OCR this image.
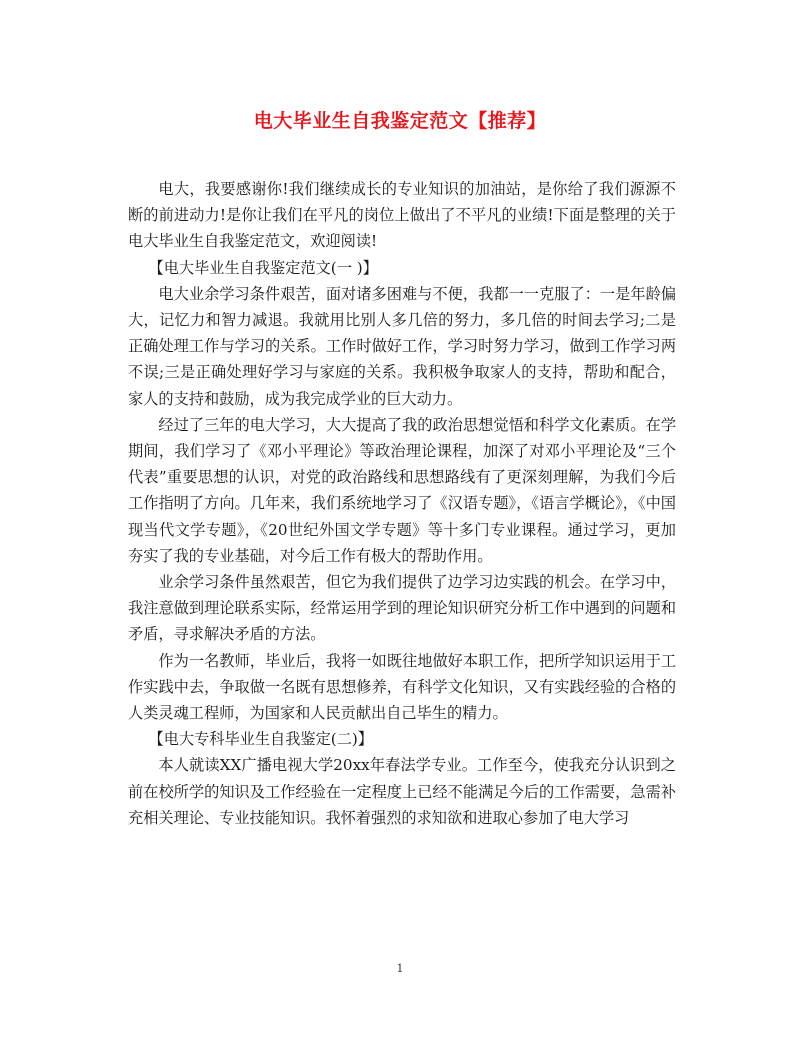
电大毕业生自我鉴定范文【推荐】

电大，我要感谢你!我们继续成长的专业知识的加油站，是你给了我们源源不断的前进动力!是你让我们在平凡的岗位上做出了不平凡的业绩!下面是整理的关于电大毕业生自我鉴定范文，欢迎阅读!

【电大毕业生自我鉴定范文(一 )】

电大业余学习条件艰苦，面对诸多困难与不便，我都一一克服了：一是年龄偏大，记忆力和智力减退。我就用比别人多几倍的努力，多几倍的时间去学习;二是正确处理工作与学习的关系。工作时做好工作，学习时努力学习，做到工作学习两不误;三是正确处理好学习与家庭的关系。我积极争取家人的支持，帮助和配合，家人的支持和鼓励，成为我完成学业的巨大动力。

经过了三年的电大学习，大大提高了我的政治思想觉悟和科学文化素质。在学期间，我们学习了《邓小平理论》等政治理论课程，加深了对邓小平理论及“三个代表”重要思想的认识，对党的政治路线和思想路线有了更深刻理解，为我们今后工作指明了方向。几年来，我们系统地学习了《汉语专题》，《语言学概论》，《中国现当代文学专题》，《20世纪外国文学专题》等十多门专业课程。通过学习，更加夯实了我的专业基础，对今后工作有极大的帮助作用。

业余学习条件虽然艰苦，但它为我们提供了边学习边实践的机会。在学习中，我注意做到理论联系实际，经常运用学到的理论知识研究分析工作中遇到的问题和矛盾，寻求解决矛盾的方法。

作为一名教师，毕业后，我将一如既往地做好本职工作，把所学知识运用于工作实践中去，争取做一名既有思想修养，有科学文化知识，又有实践经验的合格的人类灵魂工程师，为国家和人民贡献出自己毕生的精力。

【电大专科毕业生自我鉴定(二)】

本人就读XX广播电视大学20xx年春法学专业。工作至今，使我充分认识到之前在校所学的知识及工作经验在一定程度上已经不能满足今后的工作需要，急需补充相关理论、专业技能知识。我怀着强烈的求知欲和进取心参加了电大学习

1
